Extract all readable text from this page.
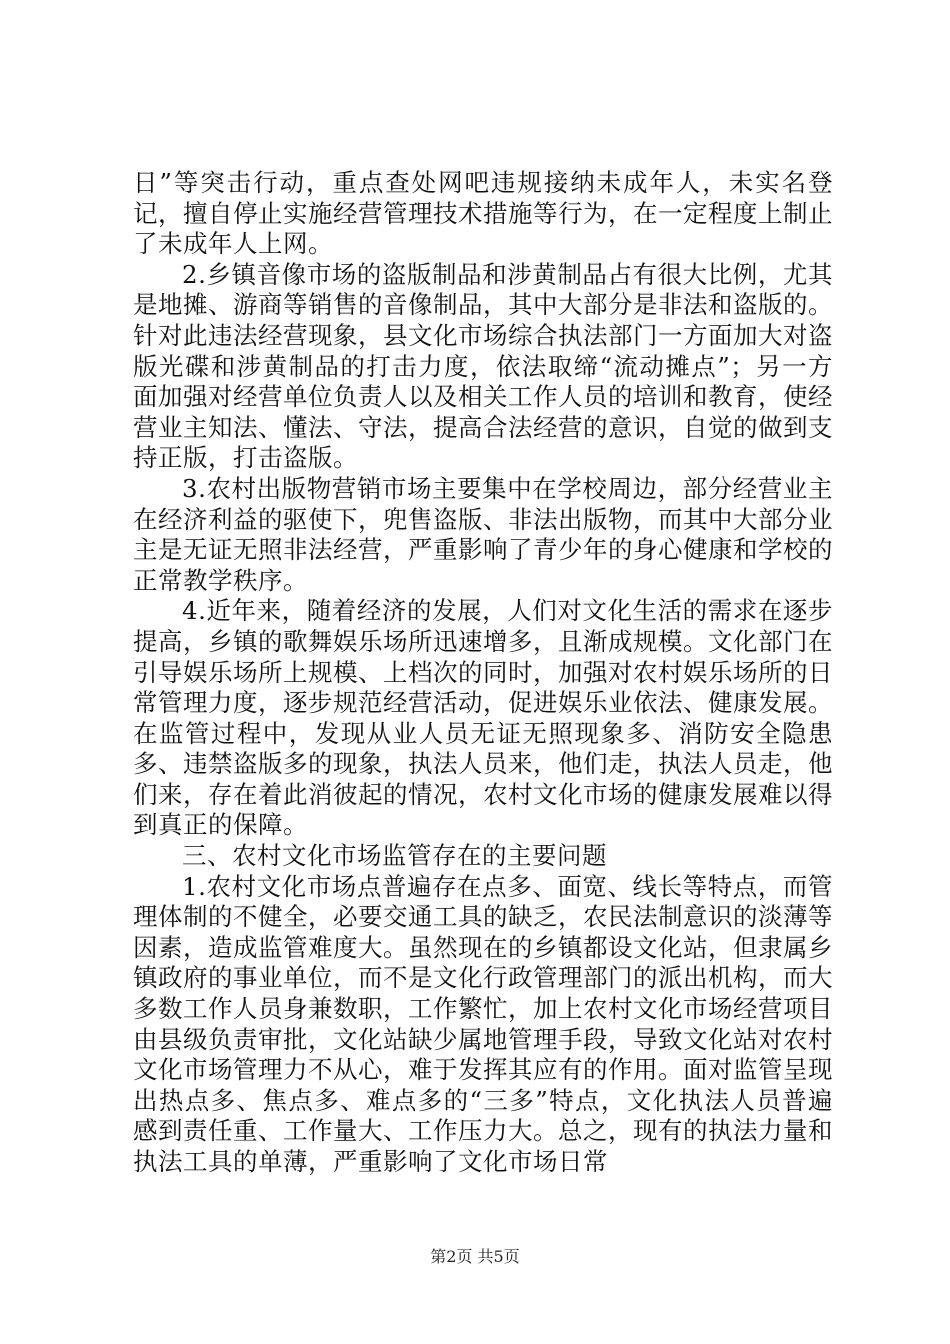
日”等突击行动，重点查处网吧违规接纳未成年人，未实名登记，擅自停止实施经营管理技术措施等行为，在一定程度上制止了未成年人上网。

2.乡镇音像市场的盗版制品和涉黄制品占有很大比例，尤其是地摊、游商等销售的音像制品，其中大部分是非法和盗版的。针对此违法经营现象，县文化市场综合执法部门一方面加大对盗版光碟和涉黄制品的打击力度，依法取缔“流动摊点”；另一方面加强对经营单位负责人以及相关工作人员的培训和教育，使经营业主知法、懂法、守法，提高合法经营的意识，自觉的做到支持正版，打击盗版。

3.农村出版物营销市场主要集中在学校周边，部分经营业主在经济利益的驱使下，兜售盗版、非法出版物，而其中大部分业主是无证无照非法经营，严重影响了青少年的身心健康和学校的正常教学秩序。

4.近年来，随着经济的发展，人们对文化生活的需求在逐步提高，乡镇的歌舞娱乐场所迅速增多，且渐成规模。文化部门在引导娱乐场所上规模、上档次的同时，加强对农村娱乐场所的日常管理力度，逐步规范经营活动，促进娱乐业依法、健康发展。在监管过程中，发现从业人员无证无照现象多、消防安全隐患多、违禁盗版多的现象，执法人员来，他们走，执法人员走，他们来，存在着此消彼起的情况，农村文化市场的健康发展难以得到真正的保障。

三、农村文化市场监管存在的主要问题

1.农村文化市场点普遍存在点多、面宽、线长等特点，而管理体制的不健全，必要交通工具的缺乏，农民法制意识的淡薄等因素，造成监管难度大。虽然现在的乡镇都设文化站，但隶属乡镇政府的事业单位，而不是文化行政管理部门的派出机构，而大多数工作人员身兼数职，工作繁忙，加上农村文化市场经营项目由县级负责审批，文化站缺少属地管理手段，导致文化站对农村文化市场管理力不从心，难于发挥其应有的作用。面对监管呈现出热点多、焦点多、难点多的“三多”特点，文化执法人员普遍感到责任重、工作量大、工作压力大。总之，现有的执法力量和执法工具的单薄，严重影响了文化市场日常

第2页 共5页
